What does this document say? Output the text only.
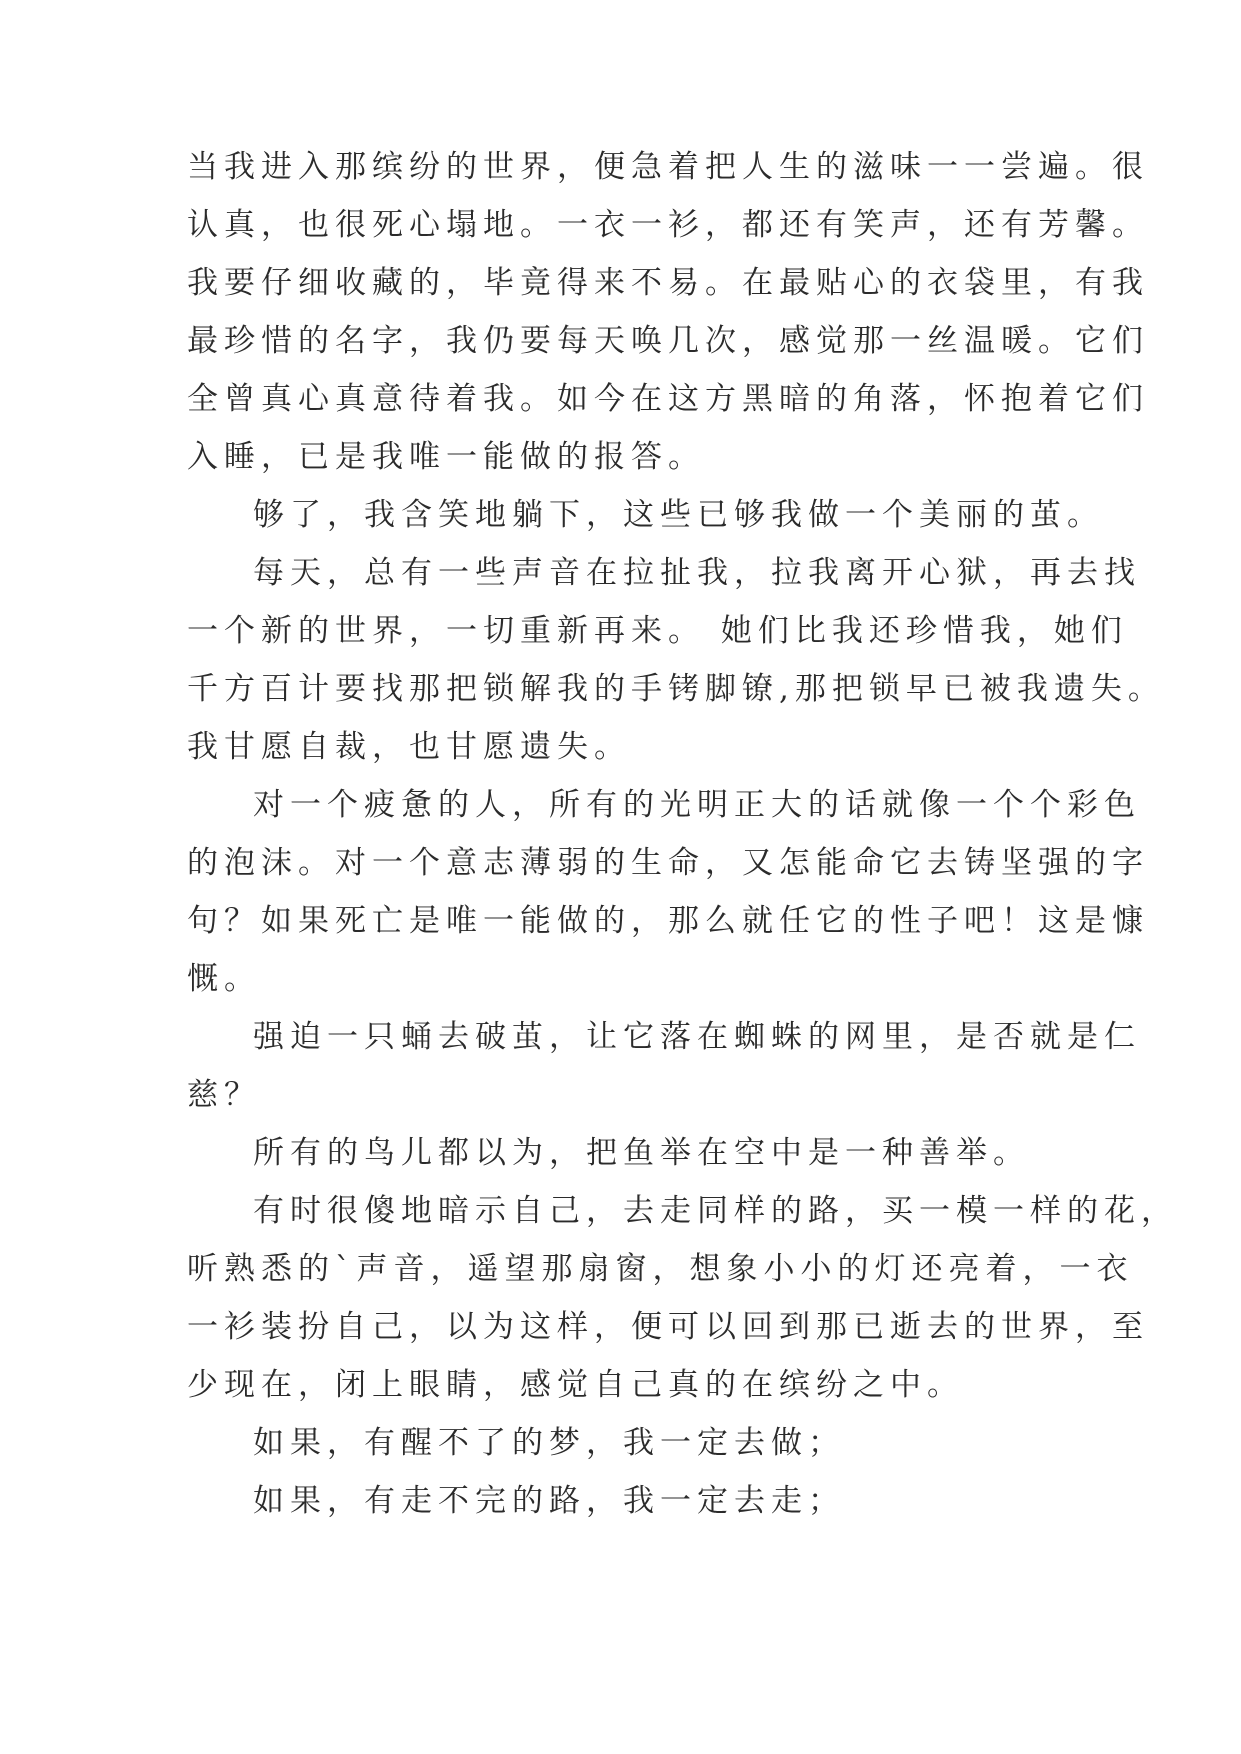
当我进入那缤纷的世界，便急着把人生的滋味一一尝遍。很
认真，也很死心塌地。一衣一衫，都还有笑声，还有芳馨。
我要仔细收藏的，毕竟得来不易。在最贴心的衣袋里，有我
最珍惜的名字，我仍要每天唤几次，感觉那一丝温暖。它们
全曾真心真意待着我。如今在这方黑暗的角落，怀抱着它们
入睡，已是我唯一能做的报答。
够了，我含笑地躺下，这些已够我做一个美丽的茧。
每天，总有一些声音在拉扯我，拉我离开心狱，再去找
一个新的世界，一切重新再来。 她们比我还珍惜我，她们
千方百计要找那把锁解我的手铐脚镣,那把锁早已被我遗失。
我甘愿自裁，也甘愿遗失。
对一个疲惫的人，所有的光明正大的话就像一个个彩色
的泡沫。对一个意志薄弱的生命，又怎能命它去铸坚强的字
句？如果死亡是唯一能做的，那么就任它的性子吧！这是慷
慨。
强迫一只蛹去破茧，让它落在蜘蛛的网里，是否就是仁
慈？
所有的鸟儿都以为，把鱼举在空中是一种善举。
有时很傻地暗示自己，去走同样的路，买一模一样的花，
听熟悉的`声音，遥望那扇窗，想象小小的灯还亮着，一衣
一衫装扮自己，以为这样，便可以回到那已逝去的世界，至
少现在，闭上眼睛，感觉自己真的在缤纷之中。
如果，有醒不了的梦，我一定去做；
如果，有走不完的路，我一定去走；
